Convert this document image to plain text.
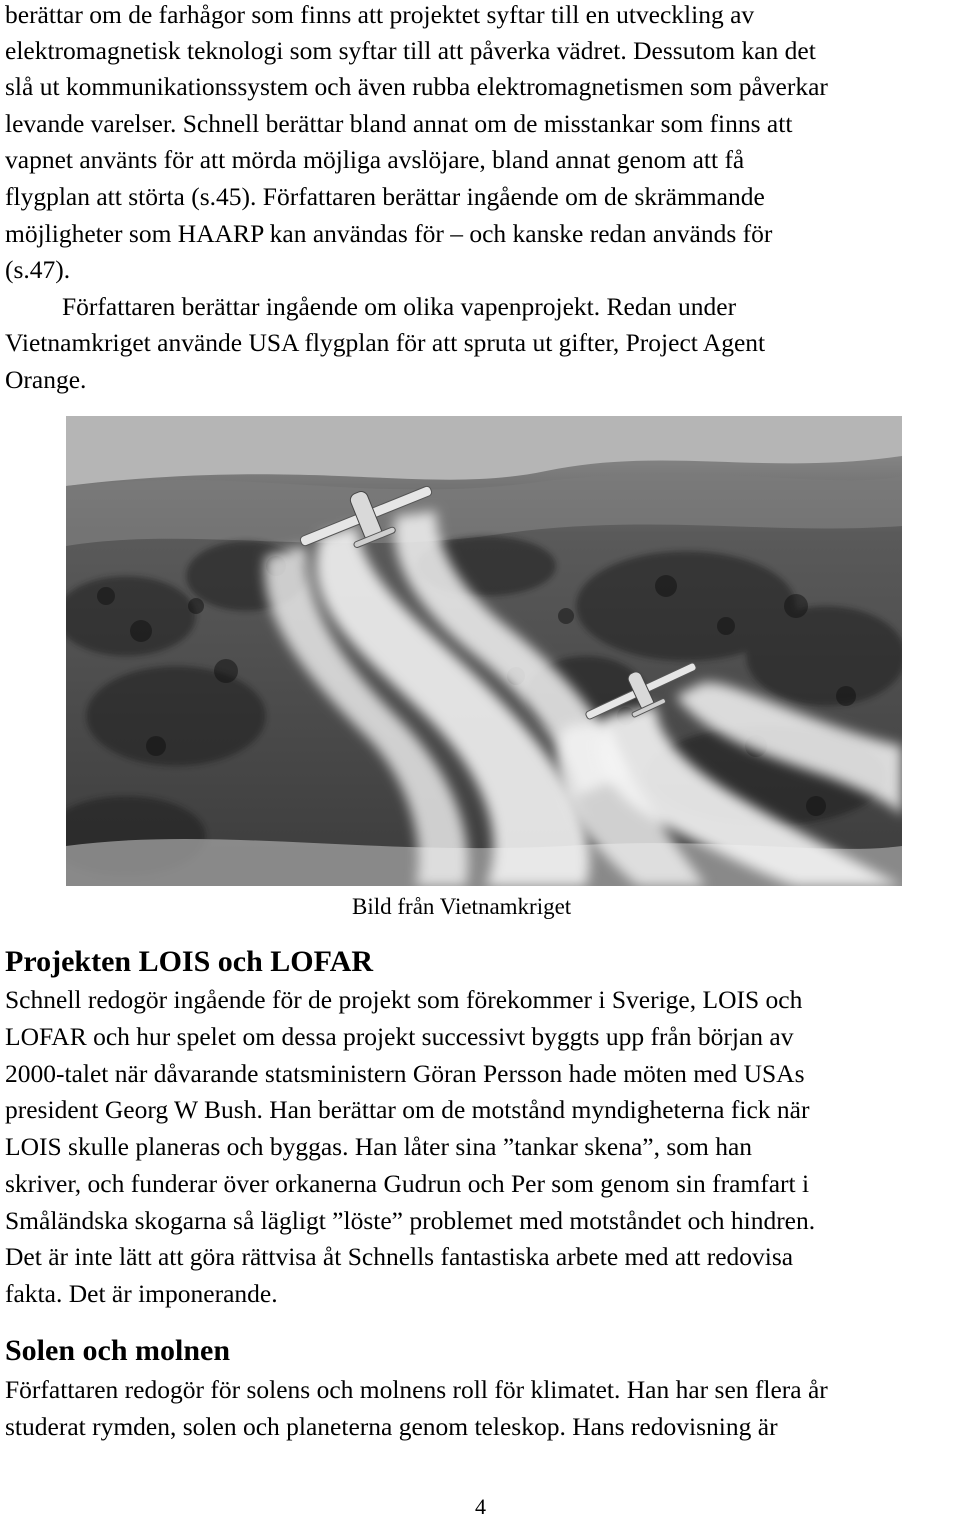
berättar om de farhågor som finns att projektet syftar till en utveckling av
elektromagnetisk teknologi som syftar till att påverka vädret. Dessutom kan det
slå ut kommunikationssystem och även rubba elektromagnetismen som påverkar
levande varelser. Schnell berättar bland annat om de misstankar som finns att
vapnet använts för att mörda möjliga avslöjare, bland annat genom att få
flygplan att störta (s.45). Författaren berättar ingående om de skrämmande
möjligheter som HAARP kan användas för – och kanske redan används för
(s.47).
Författaren berättar ingående om olika vapenprojekt. Redan under
Vietnamkriget använde USA flygplan för att spruta ut gifter, Project Agent
Orange.
Bild från Vietnamkriget
Projekten LOIS och LOFAR
Schnell redogör ingående för de projekt som förekommer i Sverige, LOIS och
LOFAR och hur spelet om dessa projekt successivt byggts upp från början av
2000-talet när dåvarande statsministern Göran Persson hade möten med USAs
president Georg W Bush. Han berättar om de motstånd myndigheterna fick när
LOIS skulle planeras och byggas. Han låter sina ”tankar skena”, som han
skriver, och funderar över orkanerna Gudrun och Per som genom sin framfart i
Småländska skogarna så lägligt ”löste” problemet med motståndet och hindren.
Det är inte lätt att göra rättvisa åt Schnells fantastiska arbete med att redovisa
fakta. Det är imponerande.
Solen och molnen
Författaren redogör för solens och molnens roll för klimatet. Han har sen flera år
studerat rymden, solen och planeterna genom teleskop. Hans redovisning är
4
